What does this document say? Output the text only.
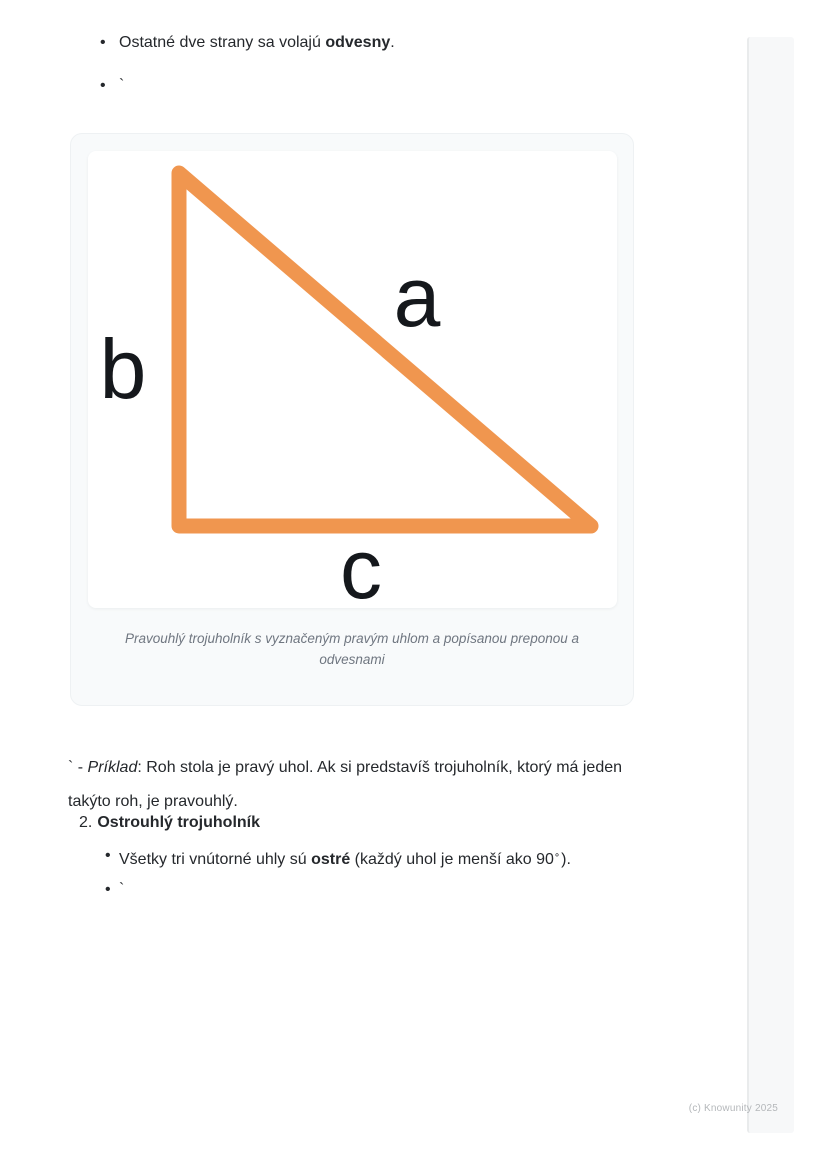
•
Ostatné dve strany sa volajú odvesny.
•
`
a
b
c
Pravouhlý trojuholník s vyznačeným pravým uhlom a popísanou preponou a
odvesnami

` - Príklad: Roh stola je pravý uhol. Ak si predstavíš trojuholník, ktorý má jeden
takýto roh, je pravouhlý.

2. Ostrouhlý trojuholník
•
Všetky tri vnútorné uhly sú ostré (každý uhol je menší ako 90∘).
•
`
(c) Knowunity 2025
